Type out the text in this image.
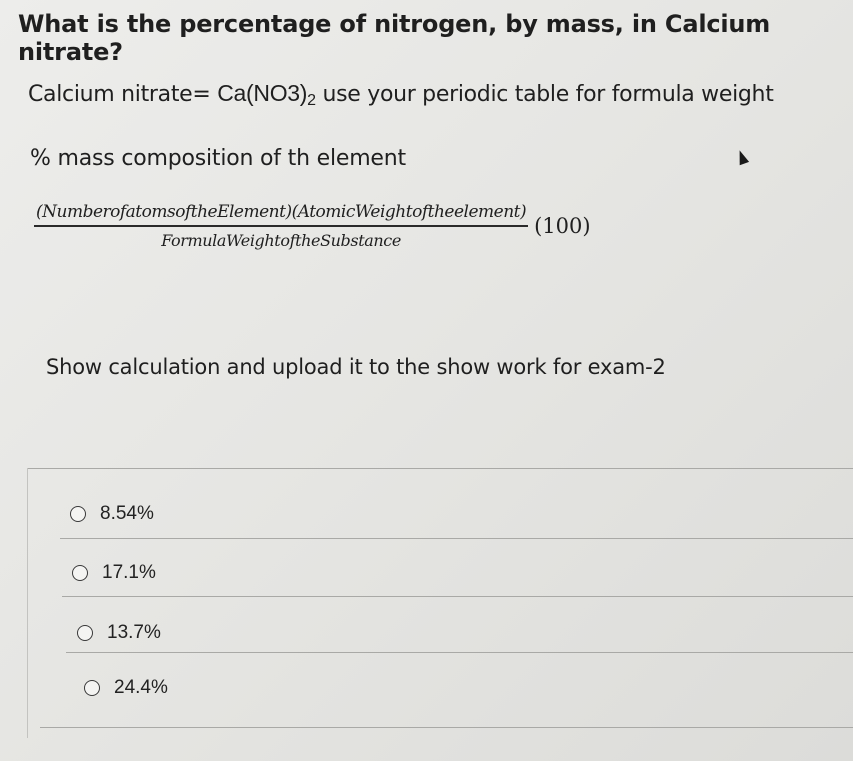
What is the percentage of nitrogen, by mass, in Calcium nitrate?
Calcium nitrate= $Ca(NO3)_2$ use your periodic table for formula weight
% mass composition of th element
$\frac{\text{(NumberofatomsoftheElement)(AtomicWeightoftheelement)}}{\text{FormulaWeightoftheSubstance}} (100)$
Show calculation and upload it to the show work for exam-2
8.54%
17.1%
13.7%
24.4%
